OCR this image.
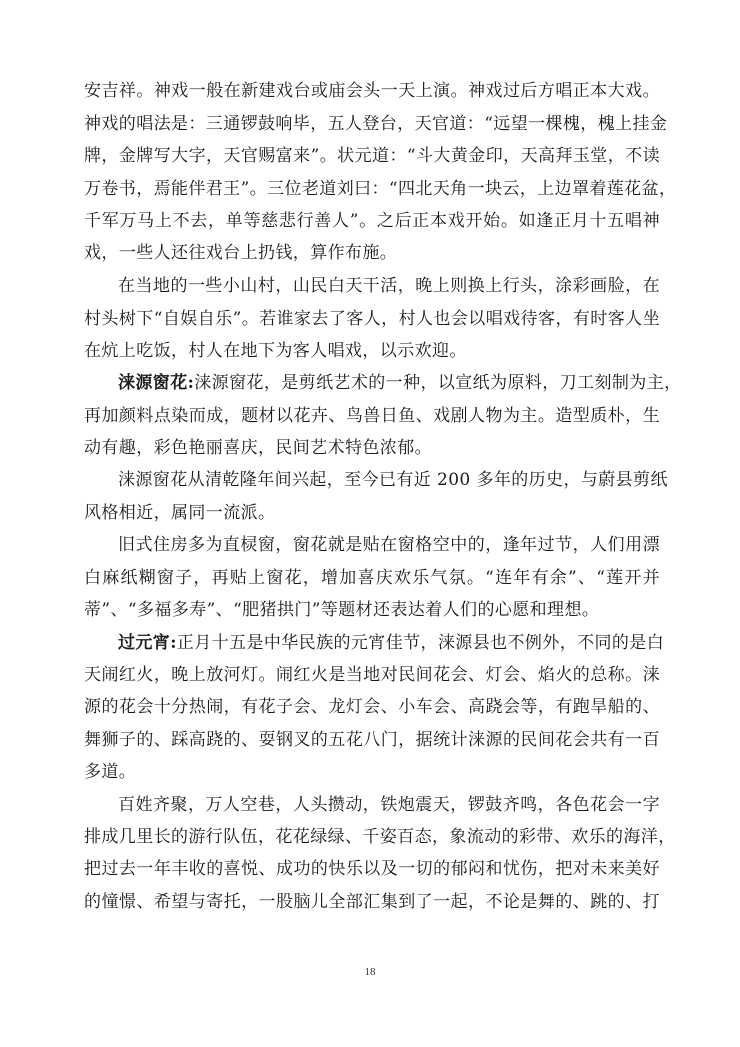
安吉祥。神戏一般在新建戏台或庙会头一天上演。神戏过后方唱正本大戏。
神戏的唱法是：三通锣鼓响毕，五人登台，天官道：“远望一棵槐，槐上挂金
牌，金牌写大字，天官赐富来”。状元道：“斗大黄金印，天高拜玉堂，不读
万卷书，焉能伴君王”。三位老道刘曰：“四北天角一块云，上边罩着莲花盆，
千军万马上不去，单等慈悲行善人”。之后正本戏开始。如逢正月十五唱神
戏，一些人还往戏台上扔钱，算作布施。
在当地的一些小山村，山民白天干活，晚上则换上行头，涂彩画脸，在
村头树下“自娱自乐”。若谁家去了客人，村人也会以唱戏待客，有时客人坐
在炕上吃饭，村人在地下为客人唱戏，以示欢迎。
涞源窗花:涞源窗花，是剪纸艺术的一种，以宣纸为原料，刀工刻制为主，
再加颜料点染而成，题材以花卉、鸟兽日鱼、戏剧人物为主。造型质朴，生
动有趣，彩色艳丽喜庆，民间艺术特色浓郁。
涞源窗花从清乾隆年间兴起，至今已有近 200 多年的历史，与蔚县剪纸
风格相近，属同一流派。
旧式住房多为直棂窗，窗花就是贴在窗格空中的，逢年过节，人们用漂
白麻纸糊窗子，再贴上窗花，增加喜庆欢乐气氛。“连年有余”、“莲开并
蒂”、“多福多寿”、“肥猪拱门”等题材还表达着人们的心愿和理想。
过元宵:正月十五是中华民族的元宵佳节，涞源县也不例外，不同的是白
天闹红火，晚上放河灯。闹红火是当地对民间花会、灯会、焰火的总称。涞
源的花会十分热闹，有花子会、龙灯会、小车会、高跷会等，有跑旱船的、
舞狮子的、踩高跷的、耍钢叉的五花八门，据统计涞源的民间花会共有一百
多道。
百姓齐聚，万人空巷，人头攒动，铁炮震天，锣鼓齐鸣，各色花会一字
排成几里长的游行队伍，花花绿绿、千姿百态，象流动的彩带、欢乐的海洋，
把过去一年丰收的喜悦、成功的快乐以及一切的郁闷和忧伤，把对未来美好
的憧憬、希望与寄托，一股脑儿全部汇集到了一起，不论是舞的、跳的、打
18
